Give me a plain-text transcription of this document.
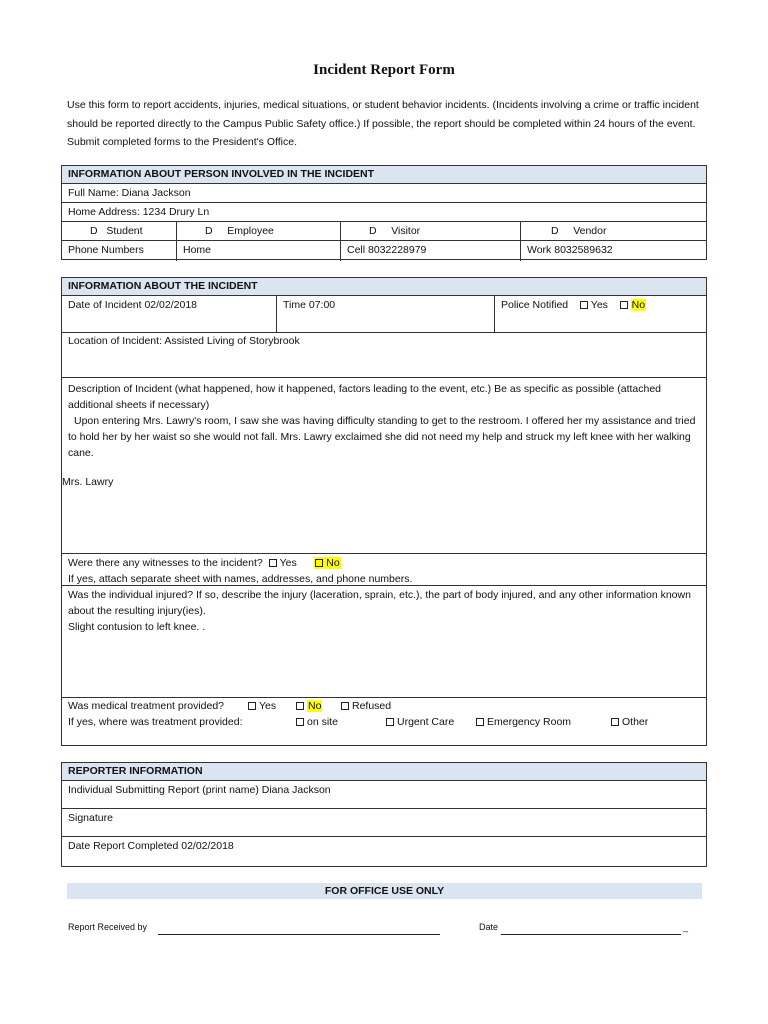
Incident Report Form
Use this form to report accidents, injuries, medical situations, or student behavior incidents. (Incidents involving a crime or traffic incident should be reported directly to the Campus Public Safety office.) If possible, the report should be completed within 24 hours of the event. Submit completed forms to the President's Office.
INFORMATION ABOUT PERSON INVOLVED IN THE INCIDENT
Full Name: Diana Jackson
Home Address: 1234 Drury Ln
D Student	D Employee	D Visitor	D Vendor
Phone Numbers	Home	Cell 8032228979	Work 8032589632
INFORMATION ABOUT THE INCIDENT
Date of Incident 02/02/2018	Time 07:00	Police Notified Yes No
Location of Incident: Assisted Living of Storybrook
Description of Incident (what happened, how it happened, factors leading to the event, etc.) Be as specific as possible (attached additional sheets if necessary)
Upon entering Mrs. Lawry's room, I saw she was having difficulty standing to get to the restroom. I offered her my assistance and tried to hold her by her waist so she would not fall. Mrs. Lawry exclaimed she did not need my help and struck my left knee with her walking cane.
Mrs. Lawry
Were there any witnesses to the incident? Yes	No
If yes, attach separate sheet with names, addresses, and phone numbers.
Was the individual injured? If so, describe the injury (laceration, sprain, etc.), the part of body injured, and any other information known about the resulting injury(ies).
Slight contusion to left knee. .
Was medical treatment provided?	Yes	No	Refused
If yes, where was treatment provided:	on site	Urgent Care	Emergency Room	Other
REPORTER INFORMATION
Individual Submitting Report (print name) Diana Jackson
Signature
Date Report Completed 02/02/2018
FOR OFFICE USE ONLY
Report Received by	Date	_
